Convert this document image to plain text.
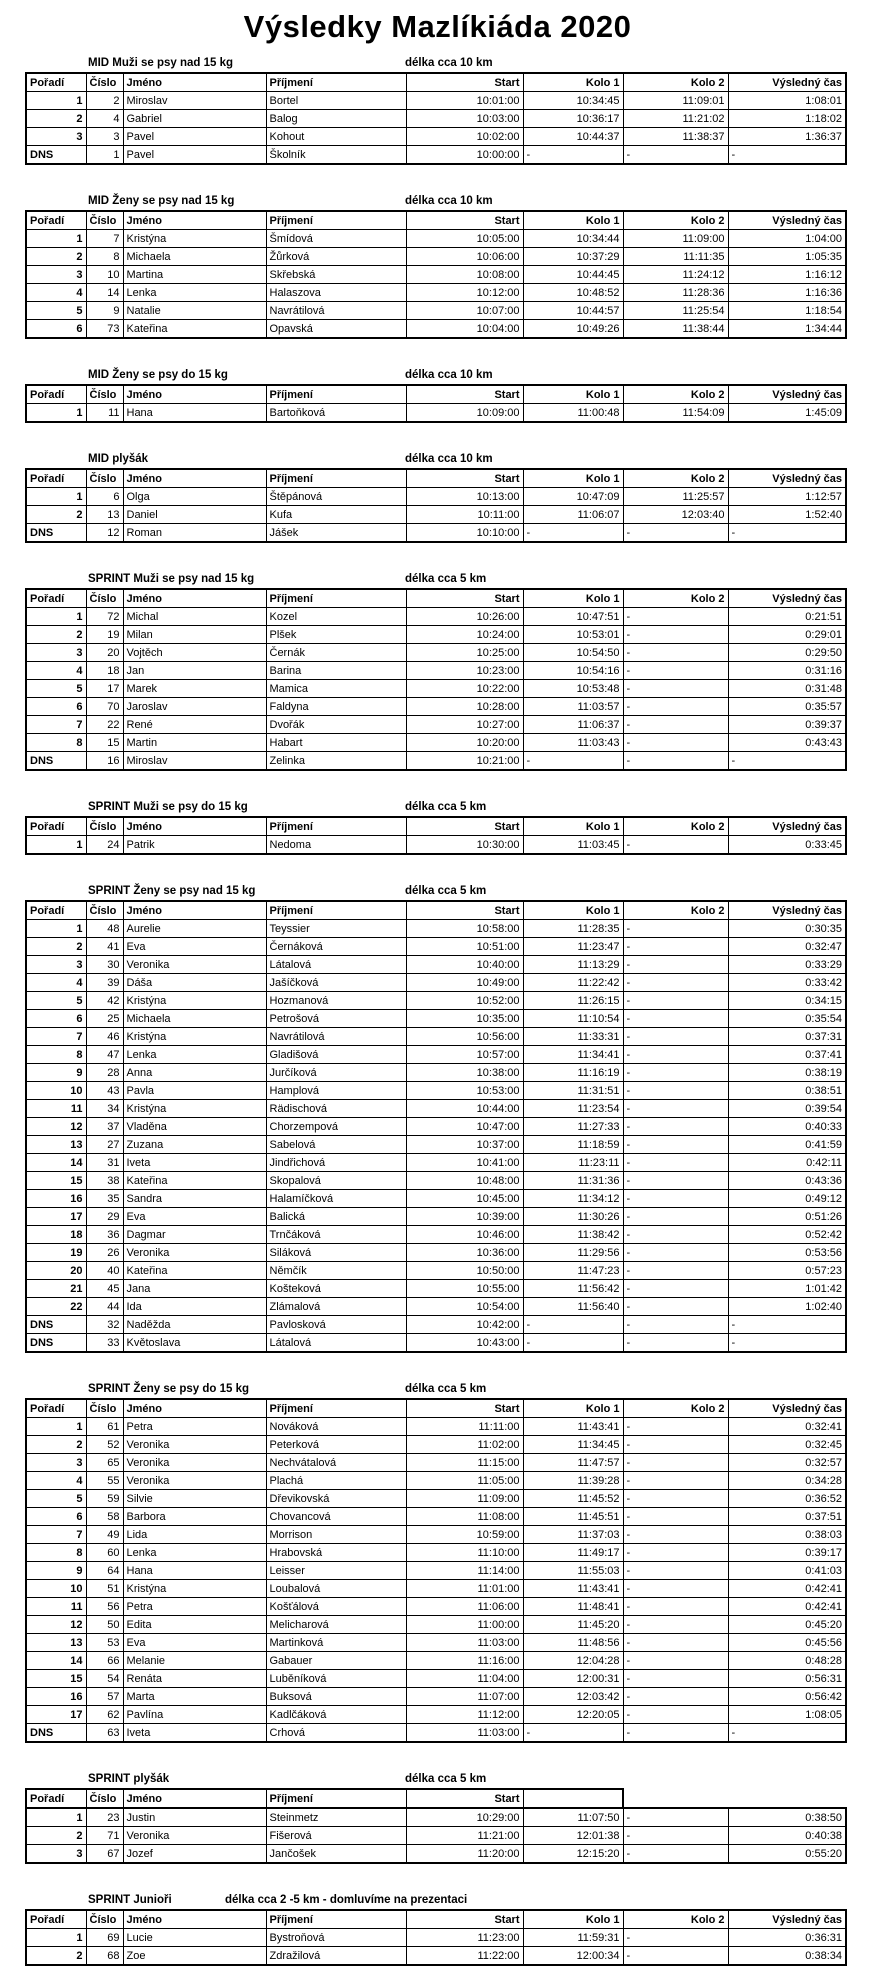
Výsledky Mazlíkiáda 2020
MID Muži se psy nad 15 kg	délka cca 10 km
Pořadí	Číslo	Jméno	Příjmení	Start	Kolo 1	Kolo 2	Výsledný čas
1	2	Miroslav	Bortel	10:01:00	10:34:45	11:09:01	1:08:01
2	4	Gabriel	Balog	10:03:00	10:36:17	11:21:02	1:18:02
3	3	Pavel	Kohout	10:02:00	10:44:37	11:38:37	1:36:37
DNS	1	Pavel	Školník	10:00:00	-	-	-
MID Ženy se psy nad 15 kg	délka cca 10 km
Pořadí	Číslo	Jméno	Příjmení	Start	Kolo 1	Kolo 2	Výsledný čas
1	7	Kristýna	Šmídová	10:05:00	10:34:44	11:09:00	1:04:00
2	8	Michaela	Žůrková	10:06:00	10:37:29	11:11:35	1:05:35
3	10	Martina	Skřebská	10:08:00	10:44:45	11:24:12	1:16:12
4	14	Lenka	Halaszova	10:12:00	10:48:52	11:28:36	1:16:36
5	9	Natalie	Navrátilová	10:07:00	10:44:57	11:25:54	1:18:54
6	73	Kateřina	Opavská	10:04:00	10:49:26	11:38:44	1:34:44
MID Ženy se psy do 15 kg	délka cca 10 km
Pořadí	Číslo	Jméno	Příjmení	Start	Kolo 1	Kolo 2	Výsledný čas
1	11	Hana	Bartoňková	10:09:00	11:00:48	11:54:09	1:45:09
MID plyšák	délka cca 10 km
Pořadí	Číslo	Jméno	Příjmení	Start	Kolo 1	Kolo 2	Výsledný čas
1	6	Olga	Štěpánová	10:13:00	10:47:09	11:25:57	1:12:57
2	13	Daniel	Kufa	10:11:00	11:06:07	12:03:40	1:52:40
DNS	12	Roman	Jášek	10:10:00	-	-	-
SPRINT Muži se psy nad 15 kg	délka cca 5 km
Pořadí	Číslo	Jméno	Příjmení	Start	Kolo 1	Kolo 2	Výsledný čas
1	72	Michal	Kozel	10:26:00	10:47:51	-	0:21:51
2	19	Milan	Plšek	10:24:00	10:53:01	-	0:29:01
3	20	Vojtěch	Černák	10:25:00	10:54:50	-	0:29:50
4	18	Jan	Barina	10:23:00	10:54:16	-	0:31:16
5	17	Marek	Mamica	10:22:00	10:53:48	-	0:31:48
6	70	Jaroslav	Faldyna	10:28:00	11:03:57	-	0:35:57
7	22	René	Dvořák	10:27:00	11:06:37	-	0:39:37
8	15	Martin	Habart	10:20:00	11:03:43	-	0:43:43
DNS	16	Miroslav	Zelinka	10:21:00	-	-	-
SPRINT Muži se psy do 15 kg	délka cca 5 km
Pořadí	Číslo	Jméno	Příjmení	Start	Kolo 1	Kolo 2	Výsledný čas
1	24	Patrik	Nedoma	10:30:00	11:03:45	-	0:33:45
SPRINT Ženy se psy nad 15 kg	délka cca 5 km
Pořadí	Číslo	Jméno	Příjmení	Start	Kolo 1	Kolo 2	Výsledný čas
1	48	Aurelie	Teyssier	10:58:00	11:28:35	-	0:30:35
2	41	Eva	Černáková	10:51:00	11:23:47	-	0:32:47
3	30	Veronika	Látalová	10:40:00	11:13:29	-	0:33:29
4	39	Dáša	Jašíčková	10:49:00	11:22:42	-	0:33:42
5	42	Kristýna	Hozmanová	10:52:00	11:26:15	-	0:34:15
6	25	Michaela	Petrošová	10:35:00	11:10:54	-	0:35:54
7	46	Kristýna	Navrátilová	10:56:00	11:33:31	-	0:37:31
8	47	Lenka	Gladišová	10:57:00	11:34:41	-	0:37:41
9	28	Anna	Jurčíková	10:38:00	11:16:19	-	0:38:19
10	43	Pavla	Hamplová	10:53:00	11:31:51	-	0:38:51
11	34	Kristýna	Rädischová	10:44:00	11:23:54	-	0:39:54
12	37	Vladěna	Chorzempová	10:47:00	11:27:33	-	0:40:33
13	27	Zuzana	Sabelová	10:37:00	11:18:59	-	0:41:59
14	31	Iveta	Jindřichová	10:41:00	11:23:11	-	0:42:11
15	38	Kateřina	Skopalová	10:48:00	11:31:36	-	0:43:36
16	35	Sandra	Halamíčková	10:45:00	11:34:12	-	0:49:12
17	29	Eva	Balická	10:39:00	11:30:26	-	0:51:26
18	36	Dagmar	Trnčáková	10:46:00	11:38:42	-	0:52:42
19	26	Veronika	Siláková	10:36:00	11:29:56	-	0:53:56
20	40	Kateřina	Němčík	10:50:00	11:47:23	-	0:57:23
21	45	Jana	Košteková	10:55:00	11:56:42	-	1:01:42
22	44	Ida	Zlámalová	10:54:00	11:56:40	-	1:02:40
DNS	32	Naděžda	Pavlosková	10:42:00	-	-	-
DNS	33	Květoslava	Látalová	10:43:00	-	-	-
SPRINT Ženy se psy do 15 kg	délka cca 5 km
Pořadí	Číslo	Jméno	Příjmení	Start	Kolo 1	Kolo 2	Výsledný čas
1	61	Petra	Nováková	11:11:00	11:43:41	-	0:32:41
2	52	Veronika	Peterková	11:02:00	11:34:45	-	0:32:45
3	65	Veronika	Nechvátalová	11:15:00	11:47:57	-	0:32:57
4	55	Veronika	Plachá	11:05:00	11:39:28	-	0:34:28
5	59	Silvie	Dřevikovská	11:09:00	11:45:52	-	0:36:52
6	58	Barbora	Chovancová	11:08:00	11:45:51	-	0:37:51
7	49	Lida	Morrison	10:59:00	11:37:03	-	0:38:03
8	60	Lenka	Hrabovská	11:10:00	11:49:17	-	0:39:17
9	64	Hana	Leisser	11:14:00	11:55:03	-	0:41:03
10	51	Kristýna	Loubalová	11:01:00	11:43:41	-	0:42:41
11	56	Petra	Košťálová	11:06:00	11:48:41	-	0:42:41
12	50	Edita	Melicharová	11:00:00	11:45:20	-	0:45:20
13	53	Eva	Martinková	11:03:00	11:48:56	-	0:45:56
14	66	Melanie	Gabauer	11:16:00	12:04:28	-	0:48:28
15	54	Renáta	Luběníková	11:04:00	12:00:31	-	0:56:31
16	57	Marta	Buksová	11:07:00	12:03:42	-	0:56:42
17	62	Pavlína	Kadlčáková	11:12:00	12:20:05	-	1:08:05
DNS	63	Iveta	Crhová	11:03:00	-	-	-
SPRINT plyšák	délka cca 5 km
Pořadí	Číslo	Jméno	Příjmení	Start	
1	23	Justin	Steinmetz	10:29:00	11:07:50	-	0:38:50
2	71	Veronika	Fišerová	11:21:00	12:01:38	-	0:40:38
3	67	Jozef	Jančošek	11:20:00	12:15:20	-	0:55:20
SPRINT Junioři	délka cca 2 -5 km - domluvíme na prezentaci
Pořadí	Číslo	Jméno	Příjmení	Start	Kolo 1	Kolo 2	Výsledný čas
1	69	Lucie	Bystroňová	11:23:00	11:59:31	-	0:36:31
2	68	Zoe	Zdražilová	11:22:00	12:00:34	-	0:38:34
